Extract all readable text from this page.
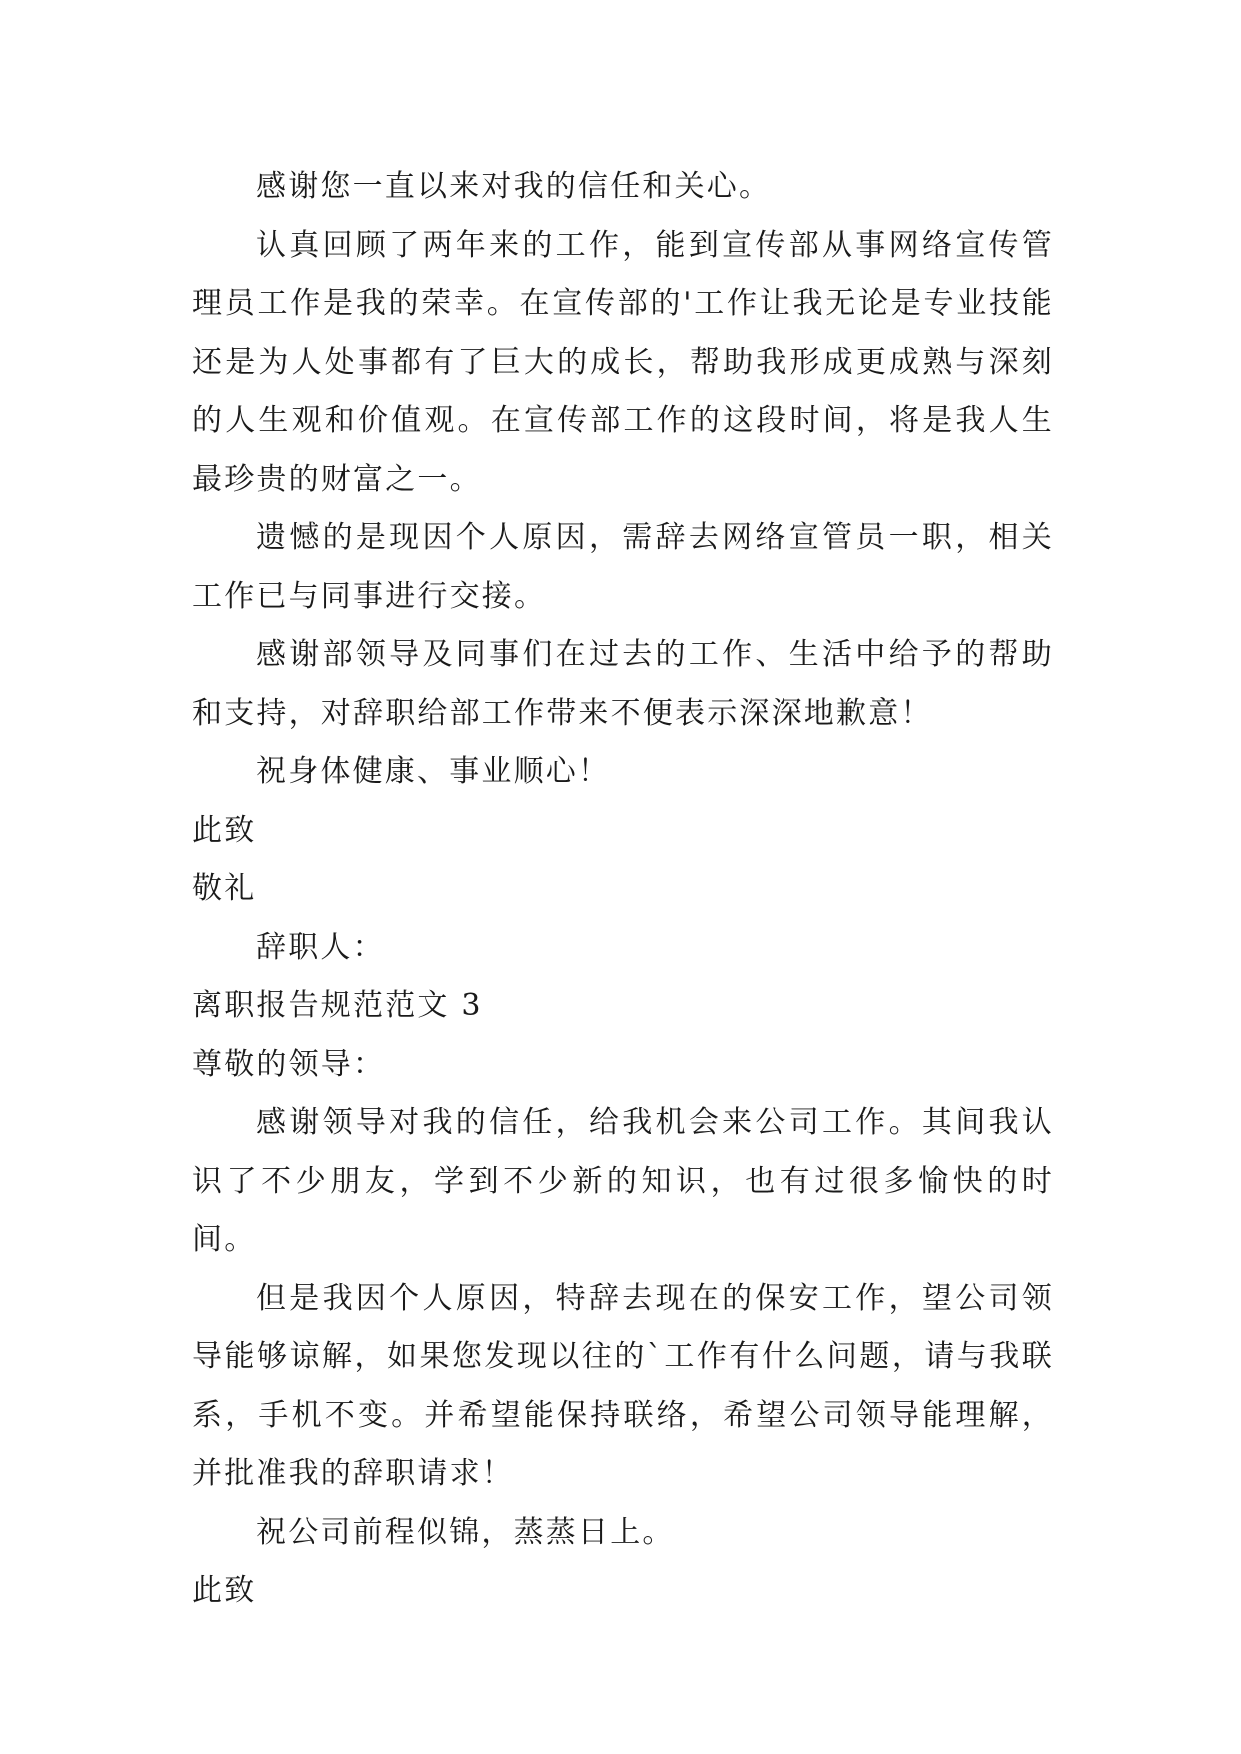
感谢您一直以来对我的信任和关心。

认真回顾了两年来的工作，能到宣传部从事网络宣传管理员工作是我的荣幸。在宣传部的'工作让我无论是专业技能还是为人处事都有了巨大的成长，帮助我形成更成熟与深刻的人生观和价值观。在宣传部工作的这段时间，将是我人生最珍贵的财富之一。

遗憾的是现因个人原因，需辞去网络宣管员一职，相关工作已与同事进行交接。

感谢部领导及同事们在过去的工作、生活中给予的帮助和支持，对辞职给部工作带来不便表示深深地歉意！

祝身体健康、事业顺心！

此致

敬礼

辞职人：

离职报告规范范文 3

尊敬的领导：

感谢领导对我的信任，给我机会来公司工作。其间我认识了不少朋友，学到不少新的知识，也有过很多愉快的时间。

但是我因个人原因，特辞去现在的保安工作，望公司领导能够谅解，如果您发现以往的`工作有什么问题，请与我联系，手机不变。并希望能保持联络，希望公司领导能理解，并批准我的辞职请求！

祝公司前程似锦，蒸蒸日上。

此致
